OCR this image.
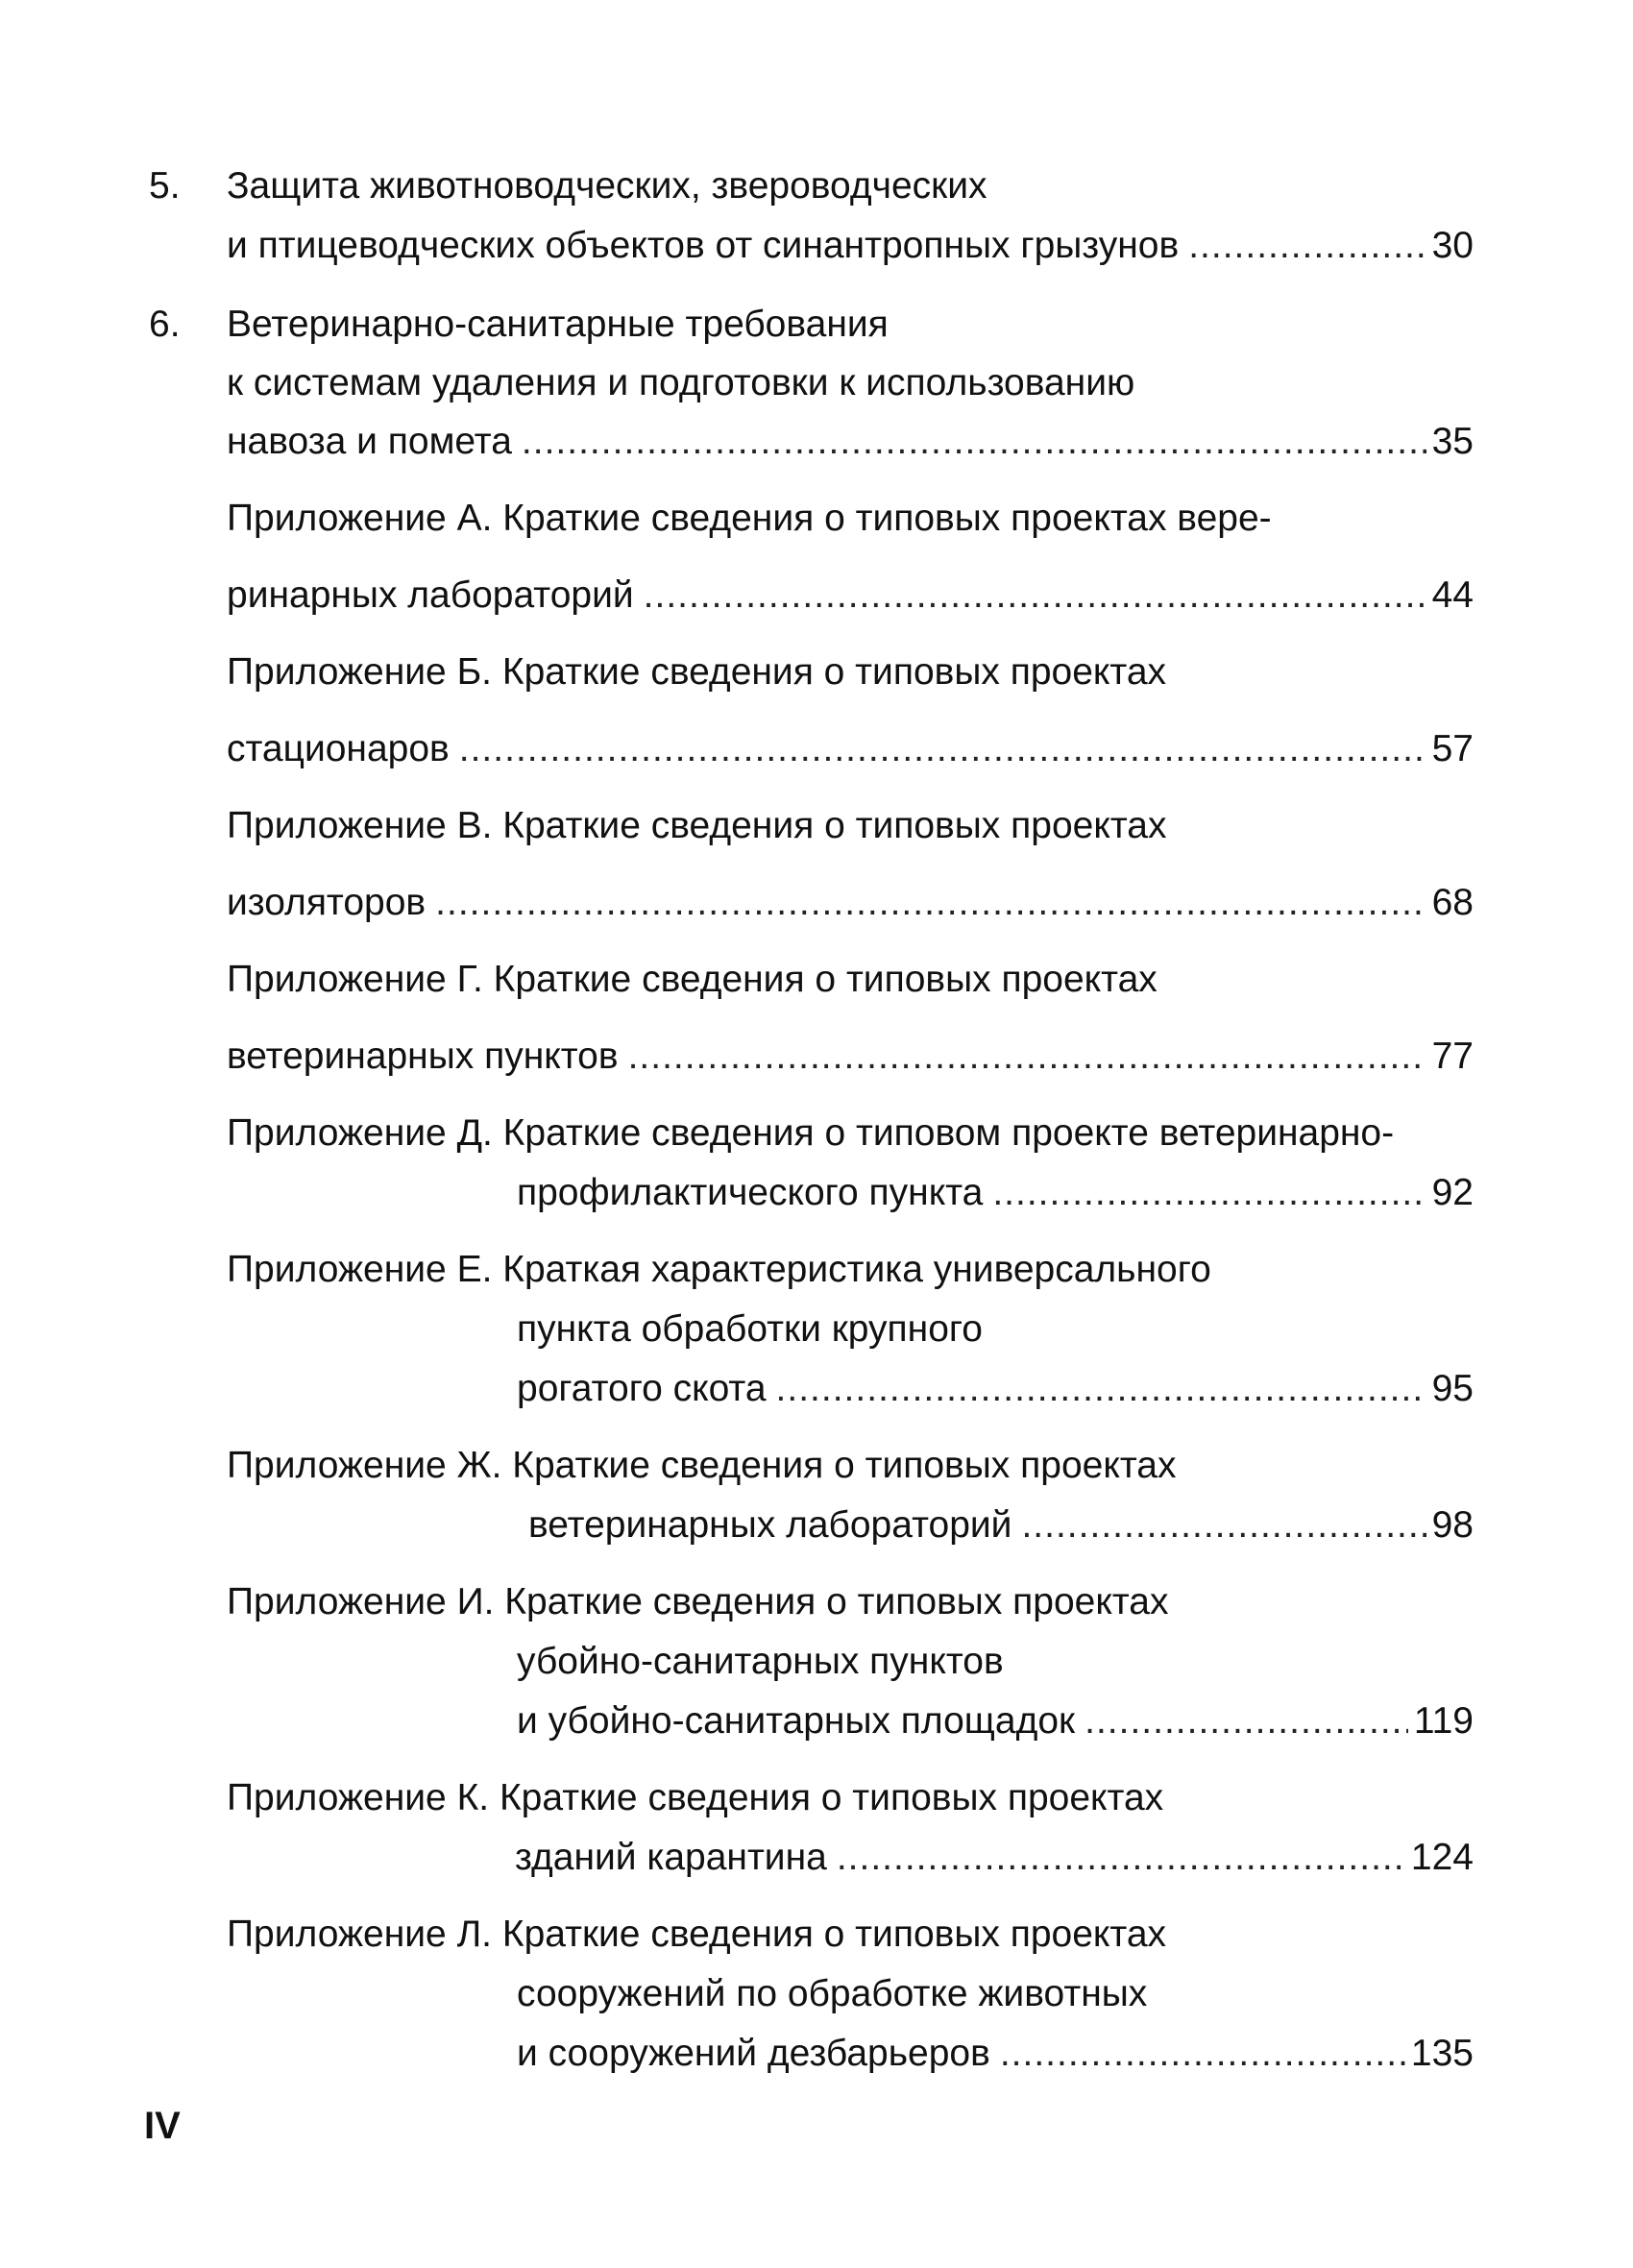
5. Защита животноводческих, звероводческих
и птицеводческих объектов от синантропных грызунов .....	30
6. Ветеринарно-санитарные требования
к системам удаления и подготовки к использованию
навоза и помета .....	35
Приложение А. Краткие сведения о типовых проектах вере-
ринарных лабораторий .....	44
Приложение Б. Краткие сведения о типовых проектах
стационаров .....	57
Приложение В. Краткие сведения о типовых проектах
изоляторов .....	68
Приложение Г. Краткие сведения о типовых проектах
ветеринарных пунктов .....	77
Приложение Д. Краткие сведения о типовом проекте ветеринарно-
профилактического пункта .....	92
Приложение Е. Краткая характеристика универсального
пункта обработки крупного
рогатого скота .....	95
Приложение Ж. Краткие сведения о типовых проектах
ветеринарных лабораторий .....	98
Приложение И. Краткие сведения о типовых проектах
убойно-санитарных пунктов
и убойно-санитарных площадок .....	119
Приложение К. Краткие сведения о типовых проектах
зданий карантина .....	124
Приложение Л. Краткие сведения о типовых проектах
сооружений по обработке животных
и сооружений дезбарьеров .....	135
IV
